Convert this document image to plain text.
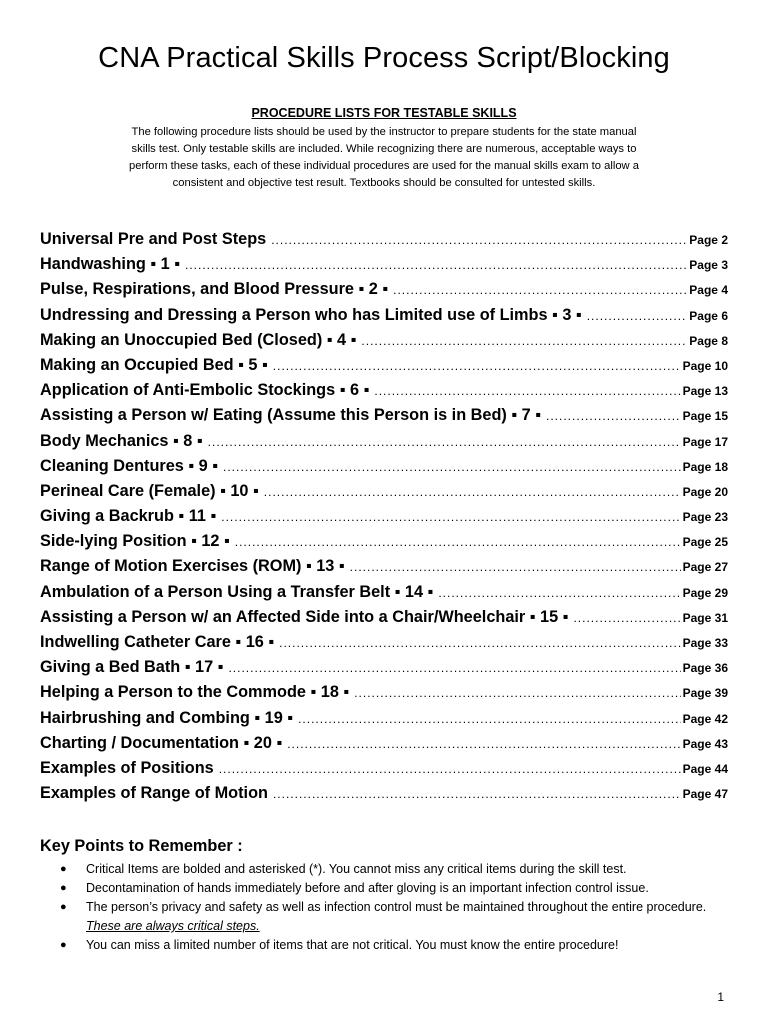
CNA Practical Skills Process Script/Blocking

PROCEDURE LISTS FOR TESTABLE SKILLS

The following procedure lists should be used by the instructor to prepare students for the state manual skills test. Only testable skills are included. While recognizing there are numerous, acceptable ways to perform these tasks, each of these individual procedures are used for the manual skills exam to allow a consistent and objective test result. Textbooks should be consulted for untested skills.

Universal Pre and Post Steps .....	Page 2
Handwashing ▪ 1 ▪ .....	Page 3
Pulse, Respirations, and Blood Pressure ▪ 2 ▪ .....	Page 4
Undressing and Dressing a Person who has Limited use of Limbs ▪ 3 ▪ .....	Page 6
Making an Unoccupied Bed (Closed) ▪ 4 ▪ .....	Page 8
Making an Occupied Bed ▪ 5 ▪ .....	Page 10
Application of Anti-Embolic Stockings ▪ 6 ▪ .....	Page 13
Assisting a Person w/ Eating (Assume this Person is in Bed) ▪ 7 ▪ .....	Page 15
Body Mechanics ▪ 8 ▪ .....	Page 17
Cleaning Dentures ▪ 9 ▪ .....	Page 18
Perineal Care (Female) ▪ 10 ▪ .....	Page 20
Giving a Backrub ▪ 11 ▪ .....	Page 23
Side-lying Position ▪ 12 ▪ .....	Page 25
Range of Motion Exercises (ROM) ▪ 13 ▪ .....	Page 27
Ambulation of a Person Using a Transfer Belt ▪ 14 ▪ .....	Page 29
Assisting a Person w/ an Affected Side into a Chair/Wheelchair ▪ 15 ▪ .....	Page 31
Indwelling Catheter Care ▪ 16 ▪ .....	Page 33
Giving a Bed Bath ▪ 17 ▪ .....	Page 36
Helping a Person to the Commode ▪ 18 ▪ .....	Page 39
Hairbrushing and Combing ▪ 19 ▪ .....	Page 42
Charting / Documentation ▪ 20 ▪ .....	Page 43
Examples of Positions .....	Page 44
Examples of Range of Motion .....	Page 47
Key Points to Remember :
● Critical Items are bolded and asterisked (*). You cannot miss any critical items during the skill test.
● Decontamination of hands immediately before and after gloving is an important infection control issue.
● The person’s privacy and safety as well as infection control must be maintained throughout the entire procedure. These are always critical steps.
● You can miss a limited number of items that are not critical. You must know the entire procedure!
1
